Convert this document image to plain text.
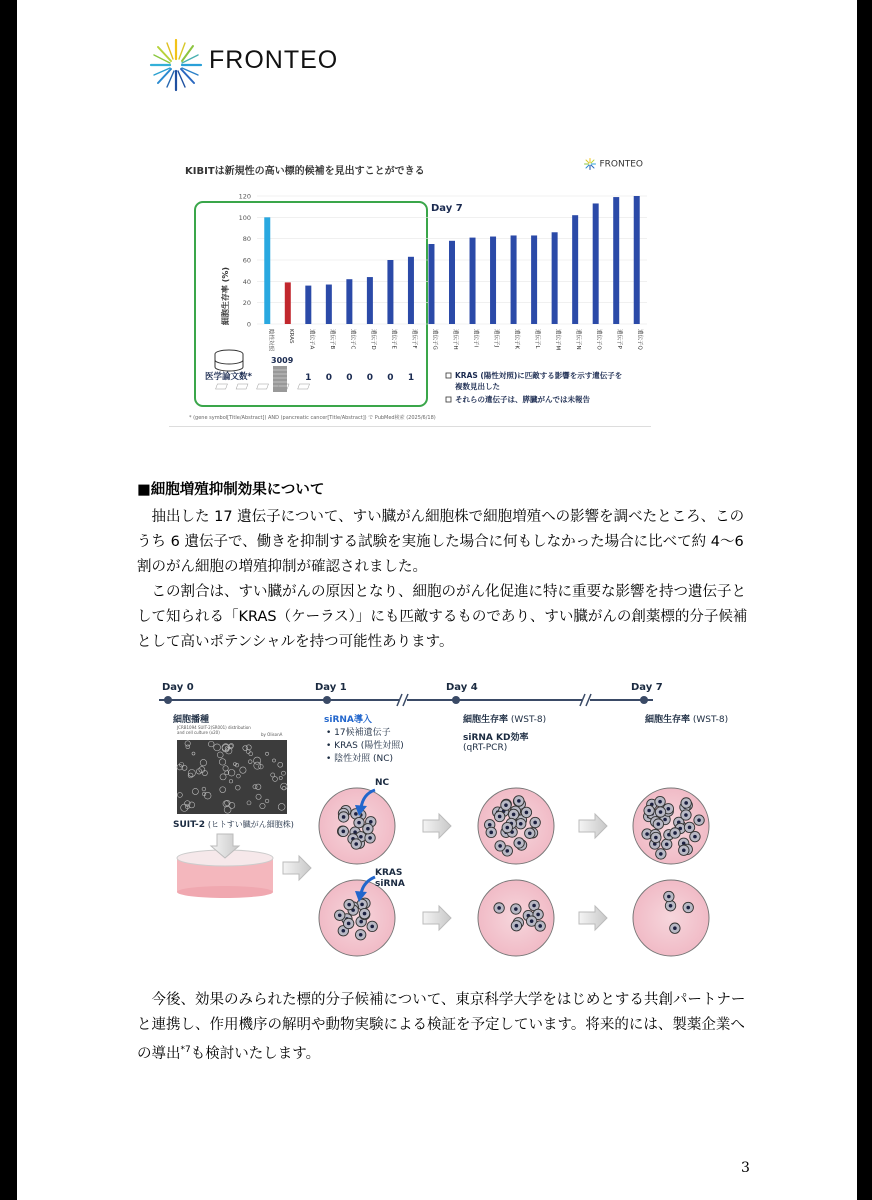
FRONTEO
KIBITは新規性の高い標的候補を見出すことができる
FRONTEO
Day 7
細胞生存率 (%)	0
20
40
60
80
100
120
陰性対照	KRAS	遺伝子A	遺伝子B	遺伝子C	遺伝子D	遺伝子E	遺伝子F	遺伝子G	遺伝子H	遺伝子I	遺伝子J	遺伝子K	遺伝子L	遺伝子M	遺伝子N	遺伝子O	遺伝子P	遺伝子Q
医学論文数*
3009
1 0 0 0 0 1	KRAS (陽性対照)に匹敵する影響を示す遺伝子を
複数見出した
それらの遺伝子は、膵臓がんでは未報告
* (gene symbol[Title/Abstract]) AND (pancreatic cancer[Title/Abstract]) で PubMed検索 (2025/6/18)
■細胞増殖抑制効果について

抽出した 17 遺伝子について、すい臓がん細胞株で細胞増殖への影響を調べたところ、このうち 6 遺伝子で、働きを抑制する試験を実施した場合に何もしなかった場合に比べて約 4～6 割のがん細胞の増殖抑制が確認されました。

この割合は、すい臓がんの原因となり、細胞のがん化促進に特に重要な影響を持つ遺伝子として知られる「KRAS（ケーラス）」にも匹敵するものであり、すい臓がんの創薬標的分子候補として高いポテンシャルを持つ可能性あります。

Day 0	Day 1	Day 4	Day 7
細胞播種
JCRB1094 SUIT-2(SR001) distribution and cell culture (x20)	by OlisonA
SUIT-2 (ヒトすい臓がん細胞株)
siRNA導入
• 17候補遺伝子
• KRAS (陽性対照)
• 陰性対照 (NC)
細胞生存率 (WST-8)
siRNA KD効率
(qRT-PCR)
細胞生存率 (WST-8)
NC
KRAS
siRNA

今後、効果のみられた標的分子候補について、東京科学大学をはじめとする共創パートナーと連携し、作用機序の解明や動物実験による検証を予定しています。将来的には、製薬企業への導出$^{*7}$も検討いたします。

3
